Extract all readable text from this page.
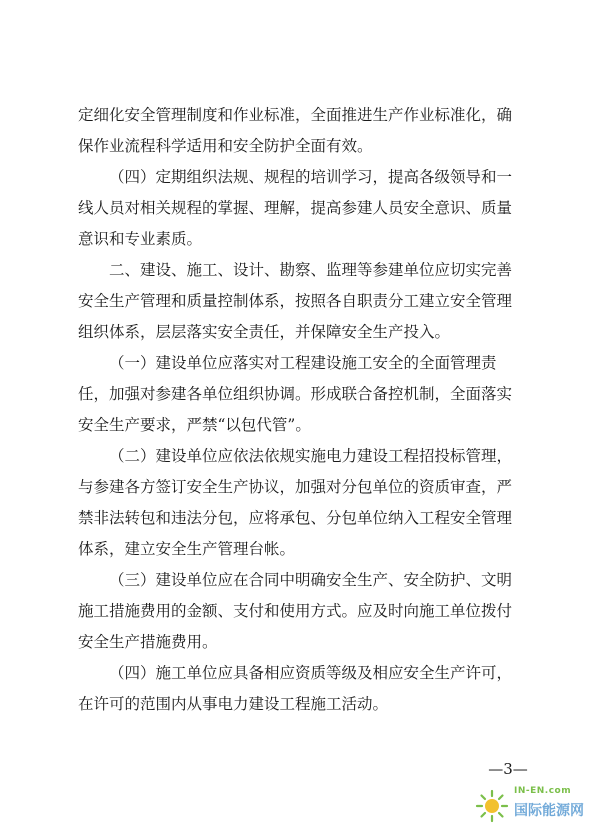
定细化安全管理制度和作业标准，全面推进生产作业标准化，确
保作业流程科学适用和安全防护全面有效。

（四）定期组织法规、规程的培训学习，提高各级领导和一
线人员对相关规程的掌握、理解，提高参建人员安全意识、质量
意识和专业素质。

二、建设、施工、设计、勘察、监理等参建单位应切实完善
安全生产管理和质量控制体系，按照各自职责分工建立安全管理
组织体系，层层落实安全责任，并保障安全生产投入。

（一）建设单位应落实对工程建设施工安全的全面管理责
任，加强对参建各单位组织协调。形成联合备控机制，全面落实
安全生产要求，严禁“以包代管”。

（二）建设单位应依法依规实施电力建设工程招投标管理，
与参建各方签订安全生产协议，加强对分包单位的资质审查，严
禁非法转包和违法分包，应将承包、分包单位纳入工程安全管理
体系，建立安全生产管理台帐。

（三）建设单位应在合同中明确安全生产、安全防护、文明
施工措施费用的金额、支付和使用方式。应及时向施工单位拨付
安全生产措施费用。

（四）施工单位应具备相应资质等级及相应安全生产许可，
在许可的范围内从事电力建设工程施工活动。

—3—
IN-EN.com
国际能源网
